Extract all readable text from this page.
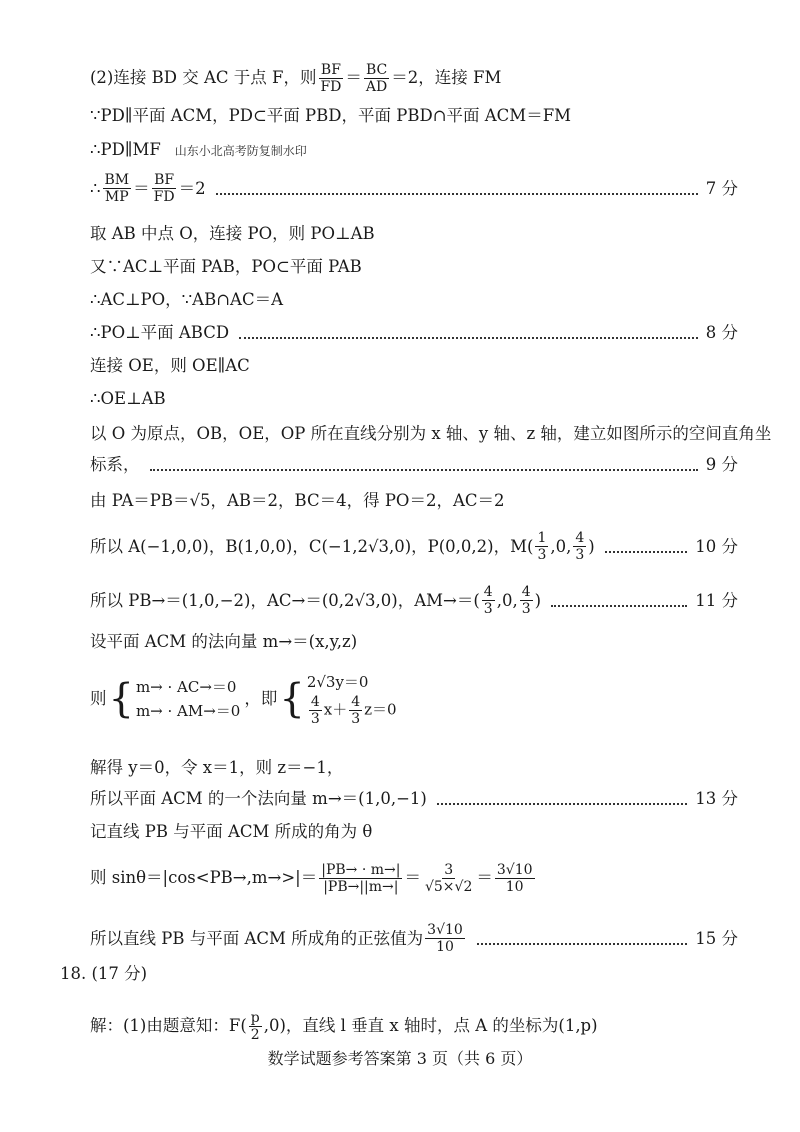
(2)连接 BD 交 AC 于点 F，则 $\frac{BF}{FD} = \frac{BC}{AD} =2$，连接 FM
∵PD∥平面 ACM，PD⊂平面 PBD，平面 PBD∩平面 ACM＝FM
∴PD∥MF 山东小北高考防复制水印
∴ $\frac{BM}{MP} = \frac{BF}{FD} =2$	7 分
取 AB 中点 O，连接 PO，则 PO⊥AB
又∵AC⊥平面 PAB，PO⊂平面 PAB
∴AC⊥PO，∵AB∩AC＝A
∴PO⊥平面 ABCD	8 分
连接 OE，则 OE∥AC
∴OE⊥AB
以 O 为原点，OB，OE，OP 所在直线分别为 x 轴、y 轴、z 轴，建立如图所示的空间直角坐
标系，	9 分
由 PA＝PB＝√5，AB＝2，BC＝4，得 PO＝2，AC＝2
所以 A(−1,0,0)，B(1,0,0)，C(−1,2√3,0)，P(0,0,2)，$M( \frac{1}{3} ,0$, $\frac{4}{3}$ )	10 分
所以 PB→＝(1,0,−2)，AC→＝(0,2√3,0)，$AM\to=( \frac{4}{3} ,0$, $\frac{4}{3}$ )	11 分
设平面 ACM 的法向量 m→＝(x,y,z)
则 { m→ · AC→＝0
m→ · AM→＝0
，即 { 2√3y＝0
$\frac{4}{3} x+ \frac{4}{3} z=0$
解得 y＝0，令 x＝1，则 z＝−1，
所以平面 ACM 的一个法向量 m→＝(1,0,−1)	13 分
记直线 PB 与平面 ACM 所成的角为 θ
则 $\sin\theta=|\cos<PB\to,m\to>|= \frac{|PB\to \cdot m\to|}{|PB\to||m\to|} = \frac{3}{√5\times√2} = \frac{3√10}{10}$
所以直线 PB 与平面 ACM 所成角的正弦值为 $\frac{3√10}{10}$	15 分
18. (17 分)
解：(1)由题意知：$F( \frac{p}{2} ,0)$，直线 l 垂直 x 轴时，点 A 的坐标为(1,p)
数学试题参考答案第 3 页（共 6 页）
